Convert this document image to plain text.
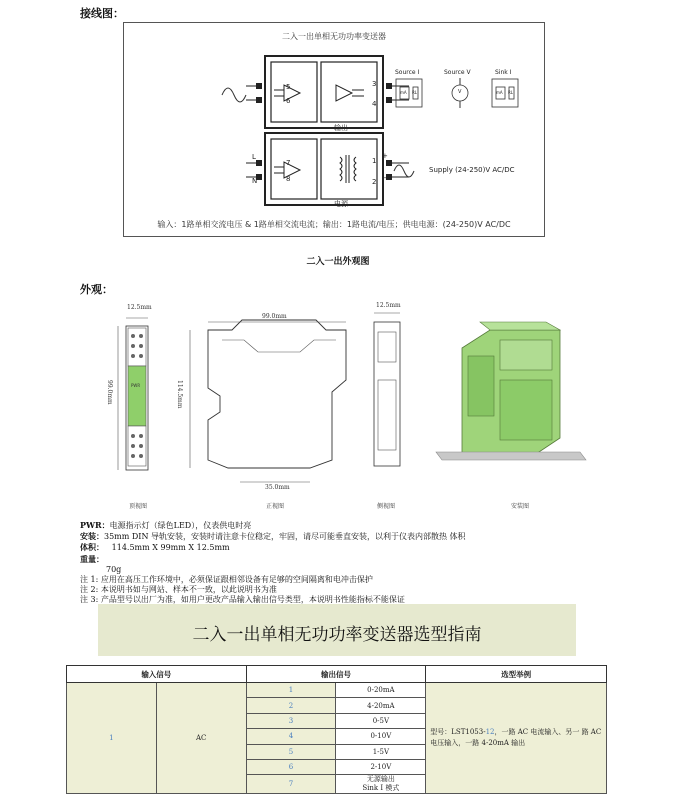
接线图：
二入一出单相无功功率变送器
5
6
3
4
输出
L
N
7
8
1
2
电源
+
−
Source I	Source V	Sink I
mA RL	V	mA RL
Supply (24-250)V AC/DC
输入：1路单相交流电压 & 1路单相交流电流；输出：1路电流/电压；供电电源：(24-250)V AC/DC
二入一出外观图
外观：
12.5mm
99.0mm
99.0mm
114.5mm
35.0mm
12.5mm
PWR
顶视图	正视图	侧视图	安装图
PWR：电源指示灯（绿色LED），仪表供电时亮
安装：35mm DIN 导轨安装，安装时请注意卡位稳定，牢固，请尽可能垂直安装，以利于仪表内部散热 体积
体积： 114.5mm X 99mm X 12.5mm
重量：
70g
注 1: 应用在高压工作环境中，必须保证跟相邻设备有足够的空间隔离和电冲击保护
注 2: 本说明书如与网站、样本不一致，以此说明书为准
注 3: 产品型号以出厂为准，如用户更改产品输入输出信号类型，本说明书性能指标不能保证
二入一出单相无功功率变送器选型指南
输入信号		输出信号		选型举例
1	AC	1	0-20mA	型号：LST1053-12，一路 AC 电流输入、另一 路 AC 电压输入，一路 4-20mA 输出
		2	4-20mA	
		3	0-5V	
		4	0-10V	
		5	1-5V	
		6	2-10V	
		7	无源输出
Sink I 模式	
